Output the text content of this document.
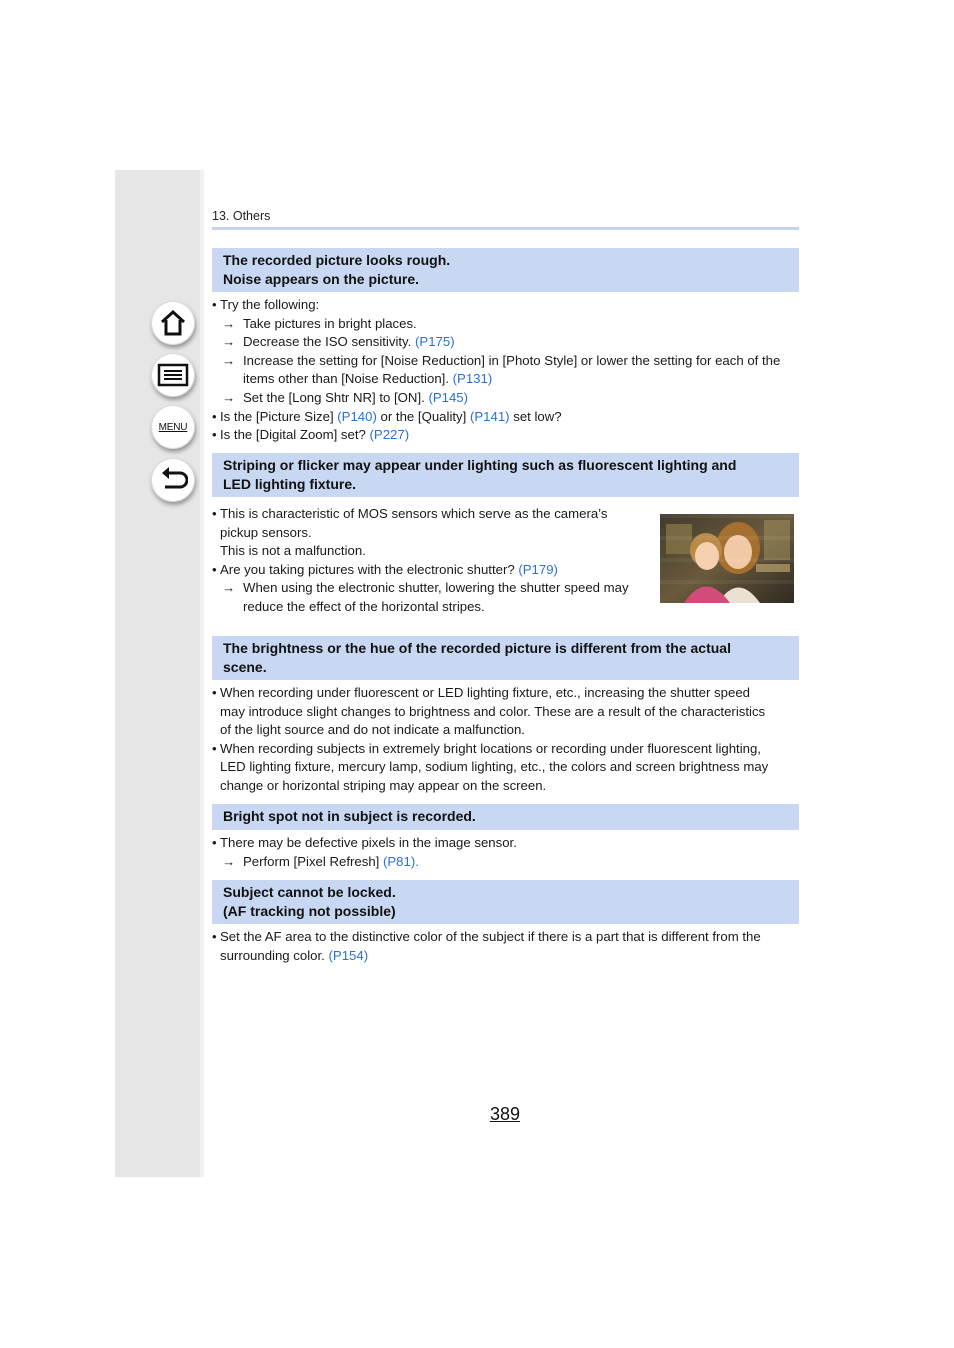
MENU
13. Others
The recorded picture looks rough.
Noise appears on the picture.
• Try the following:
→ Take pictures in bright places.
→ Decrease the ISO sensitivity. (P175)
→ Increase the setting for [Noise Reduction] in [Photo Style] or lower the setting for each of the items other than [Noise Reduction]. (P131)
→ Set the [Long Shtr NR] to [ON]. (P145)
• Is the [Picture Size] (P140) or the [Quality] (P141) set low?
• Is the [Digital Zoom] set? (P227)
Striping or flicker may appear under lighting such as fluorescent lighting and
LED lighting fixture.
• This is characteristic of MOS sensors which serve as the camera’s
pickup sensors.
This is not a malfunction.
• Are you taking pictures with the electronic shutter? (P179)
→ When using the electronic shutter, lowering the shutter speed may
reduce the effect of the horizontal stripes.
The brightness or the hue of the recorded picture is different from the actual
scene.
• When recording under fluorescent or LED lighting fixture, etc., increasing the shutter speed
may introduce slight changes to brightness and color. These are a result of the characteristics
of the light source and do not indicate a malfunction.
• When recording subjects in extremely bright locations or recording under fluorescent lighting,
LED lighting fixture, mercury lamp, sodium lighting, etc., the colors and screen brightness may
change or horizontal striping may appear on the screen.
Bright spot not in subject is recorded.
• There may be defective pixels in the image sensor.
→ Perform [Pixel Refresh] (P81).
Subject cannot be locked.
(AF tracking not possible)
• Set the AF area to the distinctive color of the subject if there is a part that is different from the
surrounding color. (P154)
389
